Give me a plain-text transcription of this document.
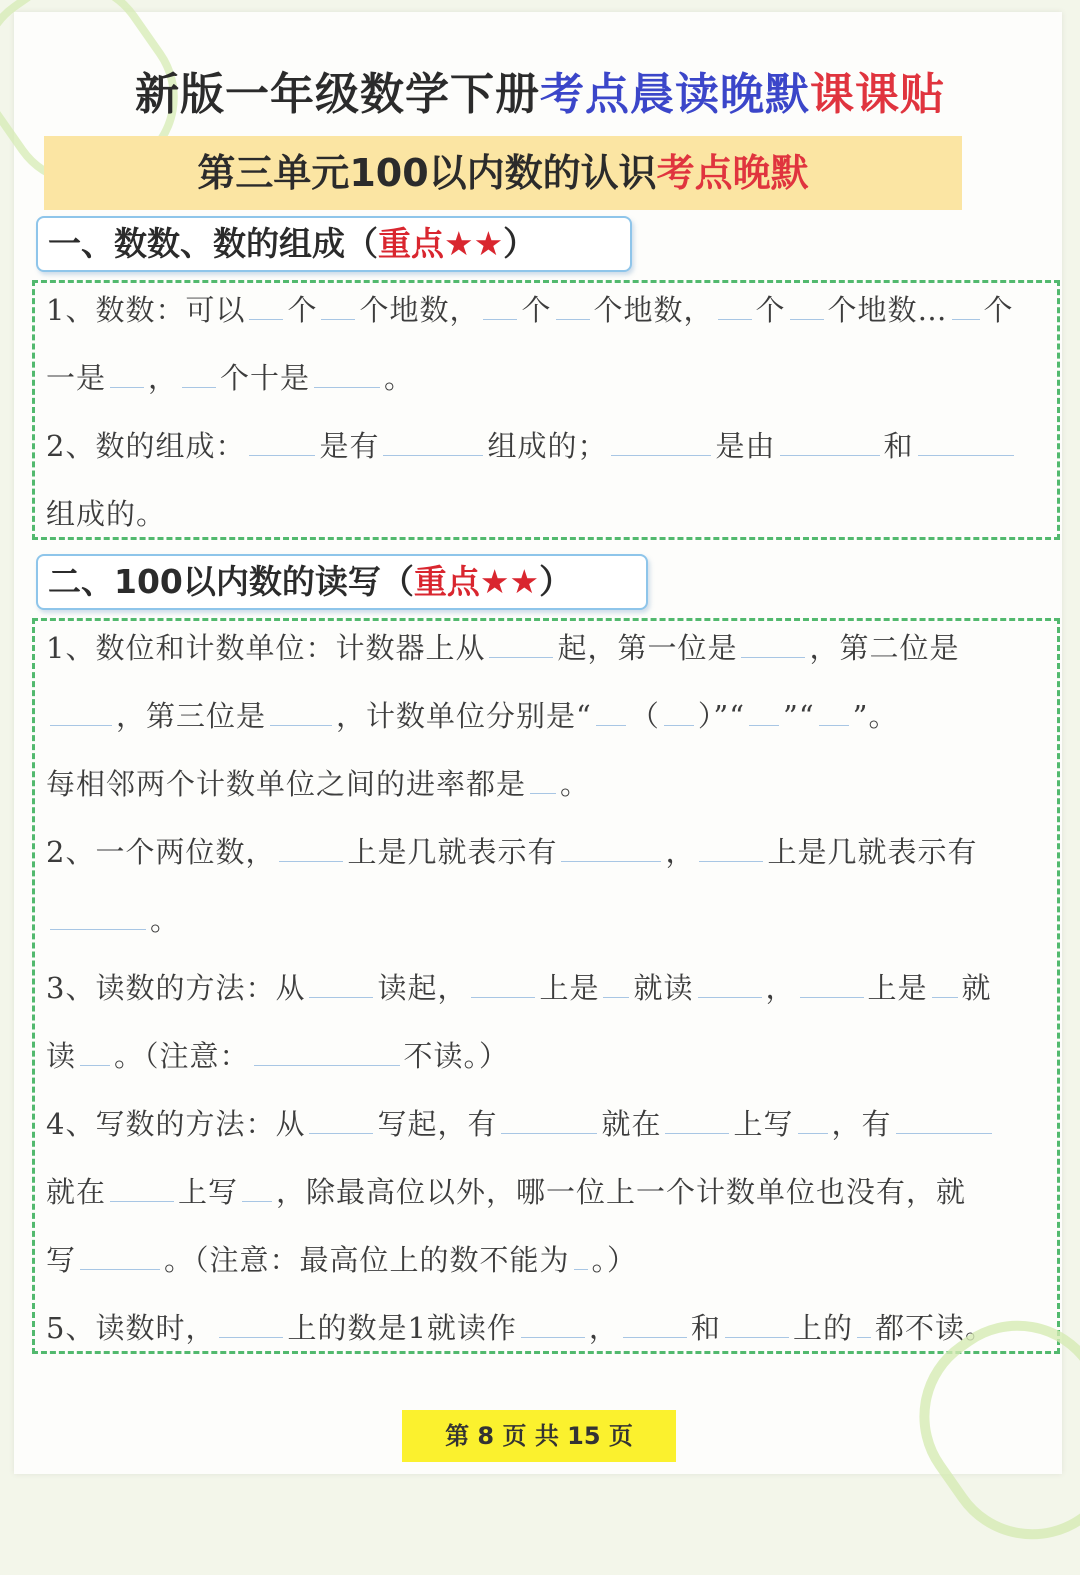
新版一年级数学下册考点晨读晚默课课贴
第三单元100以内数的认识考点晚默
一、数数、数的组成（重点★★）
1、数数：可以 个 个地数， 个 个地数， 个 个地数… 个
一是 ， 个十是	。
2、数的组成：	是有	组成的；	是由	和
组成的。
二、100以内数的读写（重点★★）
1、数位和计数单位：计数器上从 起，第一位是 ，第二位是
，第三位是 ，计数单位分别是“ （ ）”“ ”“ ”。
每相邻两个计数单位之间的进率都是 。
2、一个两位数， 上是几就表示有	， 上是几就表示有
。
3、读数的方法：从 读起， 上是 就读 ， 上是 就
读 。（注意：	不读。）
4、写数的方法：从 写起，有	就在 上写 ，有
就在 上写 ，除最高位以外，哪一位上一个计数单位也没有，就
写	。（注意：最高位上的数不能为 。）
5、读数时， 上的数是1就读作 ， 和 上的 都不读。
第 8 页 共 15 页
